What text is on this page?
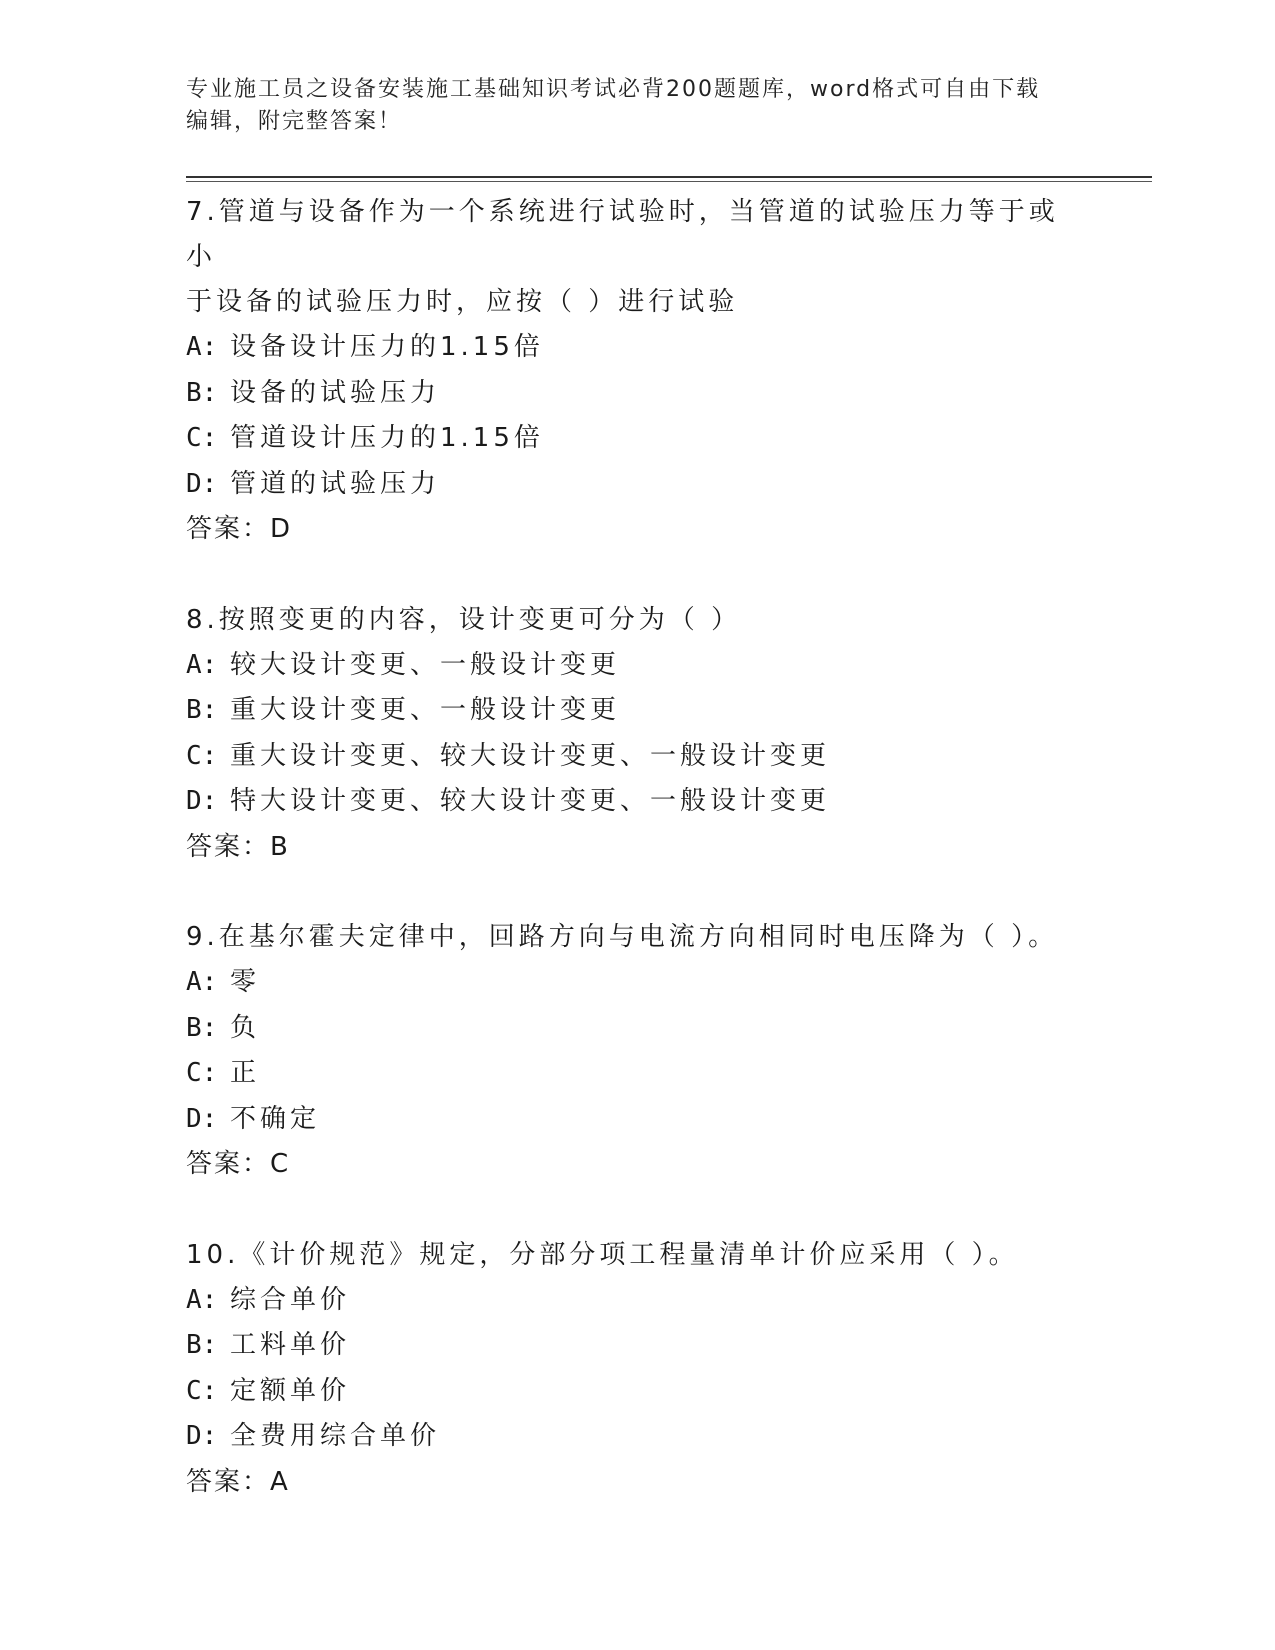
专业施工员之设备安装施工基础知识考试必背200题题库，word格式可自由下载
编辑，附完整答案！
7.管道与设备作为一个系统进行试验时，当管道的试验压力等于或小
于设备的试验压力时，应按（ ）进行试验
A: 设备设计压力的1.15倍
B: 设备的试验压力
C: 管道设计压力的1.15倍
D: 管道的试验压力
答案：D
8.按照变更的内容，设计变更可分为（ ）
A: 较大设计变更、一般设计变更
B: 重大设计变更、一般设计变更
C: 重大设计变更、较大设计变更、一般设计变更
D: 特大设计变更、较大设计变更、一般设计变更
答案：B
9.在基尔霍夫定律中，回路方向与电流方向相同时电压降为（ ）。
A: 零
B: 负
C: 正
D: 不确定
答案：C
10.《计价规范》规定，分部分项工程量清单计价应采用（ ）。
A: 综合单价
B: 工料单价
C: 定额单价
D: 全费用综合单价
答案：A
